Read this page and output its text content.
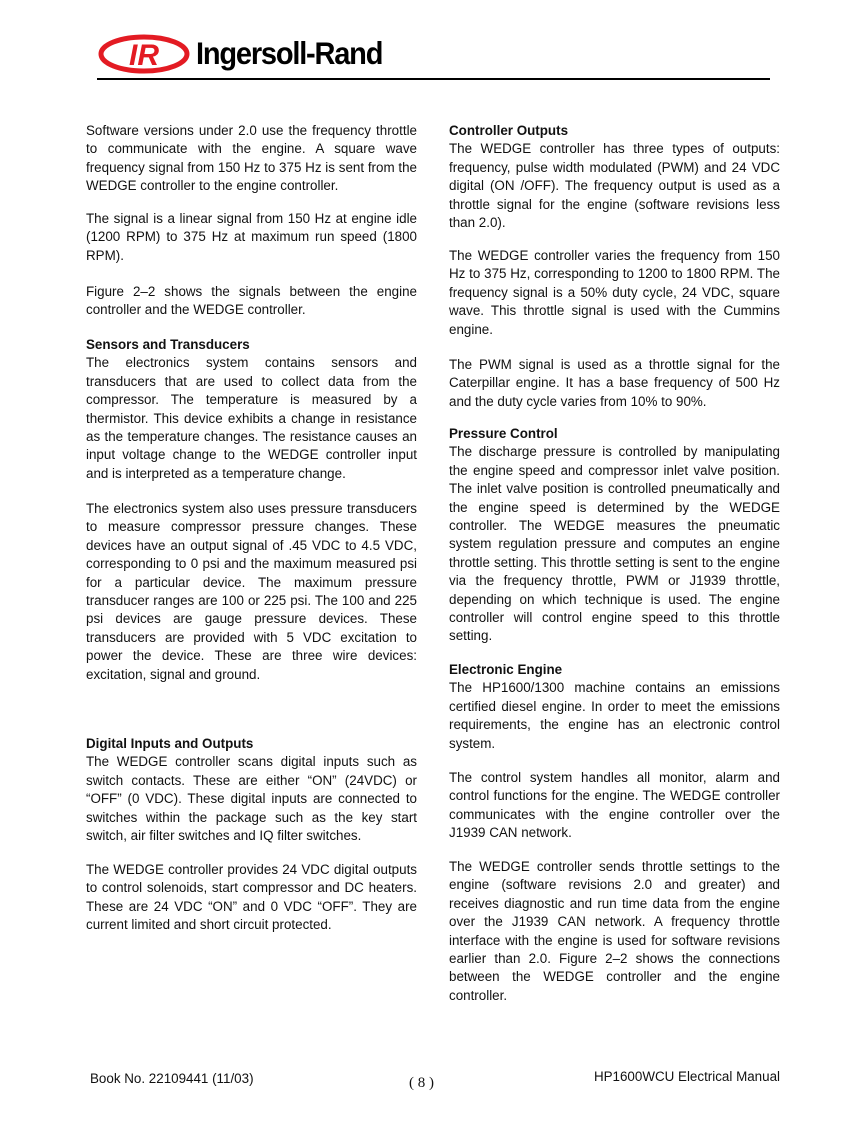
IR Ingersoll-Rand
Software versions under 2.0 use the frequency throttle to communicate with the engine. A square wave frequency signal from 150 Hz to 375 Hz is sent from the WEDGE controller to the engine controller.
The signal is a linear signal from 150 Hz at engine idle (1200 RPM) to 375 Hz at maximum run speed (1800 RPM).
Figure 2–2 shows the signals between the engine controller and the WEDGE controller.
Sensors and Transducers

The electronics system contains sensors and transducers that are used to collect data from the compressor. The temperature is measured by a thermistor. This device exhibits a change in resistance as the temperature changes. The resistance causes an input voltage change to the WEDGE controller input and is interpreted as a temperature change.

The electronics system also uses pressure transducers to measure compressor pressure changes. These devices have an output signal of .45 VDC to 4.5 VDC, corresponding to 0 psi and the maximum measured psi for a particular device. The maximum pressure transducer ranges are 100 or 225 psi. The 100 and 225 psi devices are gauge pressure devices. These transducers are provided with 5 VDC excitation to power the device. These are three wire devices: excitation, signal and ground.
Digital Inputs and Outputs

The WEDGE controller scans digital inputs such as switch contacts. These are either “ON” (24VDC) or “OFF” (0 VDC). These digital inputs are connected to switches within the package such as the key start switch, air filter switches and IQ filter switches.

The WEDGE controller provides 24 VDC digital outputs to control solenoids, start compressor and DC heaters. These are 24 VDC “ON” and 0 VDC “OFF”. They are current limited and short circuit protected.
Controller Outputs

The WEDGE controller has three types of outputs: frequency, pulse width modulated (PWM) and 24 VDC digital (ON /OFF). The frequency output is used as a throttle signal for the engine (software revisions less than 2.0).

The WEDGE controller varies the frequency from 150 Hz to 375 Hz, corresponding to 1200 to 1800 RPM. The frequency signal is a 50% duty cycle, 24 VDC, square wave. This throttle signal is used with the Cummins engine.
The PWM signal is used as a throttle signal for the Caterpillar engine. It has a base frequency of 500 Hz and the duty cycle varies from 10% to 90%.
Pressure Control

The discharge pressure is controlled by manipulating the engine speed and compressor inlet valve position. The inlet valve position is controlled pneumatically and the engine speed is determined by the WEDGE controller. The WEDGE measures the pneumatic system regulation pressure and computes an engine throttle setting. This throttle setting is sent to the engine via the frequency throttle, PWM or J1939 throttle, depending on which technique is used. The engine controller will control engine speed to this throttle setting.

Electronic Engine

The HP1600/1300 machine contains an emissions certified diesel engine. In order to meet the emissions requirements, the engine has an electronic control system.

The control system handles all monitor, alarm and control functions for the engine. The WEDGE controller communicates with the engine controller over the J1939 CAN network.
The WEDGE controller sends throttle settings to the engine (software revisions 2.0 and greater) and receives diagnostic and run time data from the engine over the J1939 CAN network. A frequency throttle interface with the engine is used for software revisions earlier than 2.0. Figure 2–2 shows the connections between the WEDGE controller and the engine controller.
Book No. 22109441 (11/03)	( 8 )	HP1600WCU Electrical Manual
